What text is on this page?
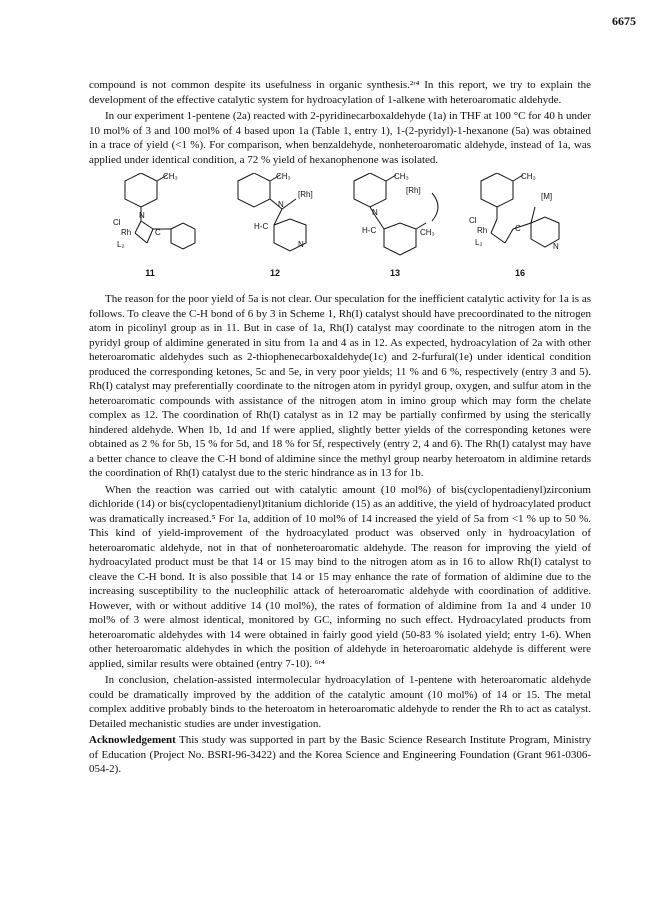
6675

compound is not common despite its usefulness in organic synthesis.²ʳ⁴ In this report, we try to explain the development of the effective catalytic system for hydroacylation of 1-alkene with heteroaromatic aldehyde.

In our experiment 1-pentene (2a) reacted with 2-pyridinecarboxaldehyde (1a) in THF at 100 °C for 40 h under 10 mol% of 3 and 100 mol% of 4 based upon 1a (Table 1, entry 1), 1-(2-pyridyl)-1-hexanone (5a) was obtained in a trace of yield (<1 %). For comparison, when benzaldehyde, nonheteroaromatic aldehyde, instead of 1a, was applied under identical condition, a 72 % yield of hexanophenone was isolated.

CH₃
N
Cl
Rh
L₂
C
11
CH₃
[Rh]
N
H-C
N
12
CH₃
[Rh]
N
H-C	CH₃
13
CH₃
[M]
Cl
Rh
L₂
C
N
16

The reason for the poor yield of 5a is not clear. Our speculation for the inefficient catalytic activity for 1a is as follows. To cleave the C-H bond of 6 by 3 in Scheme 1, Rh(I) catalyst should have precoordinated to the nitrogen atom in picolinyl group as in 11. But in case of 1a, Rh(I) catalyst may coordinate to the nitrogen atom in the pyridyl group of aldimine generated in situ from 1a and 4 as in 12. As expected, hydroacylation of 2a with other heteroaromatic aldehydes such as 2-thiophenecarboxaldehyde(1c) and 2-furfural(1e) under identical condition produced the corresponding ketones, 5c and 5e, in very poor yields; 11 % and 6 %, respectively (entry 3 and 5). Rh(I) catalyst may preferentially coordinate to the nitrogen atom in pyridyl group, oxygen, and sulfur atom in the heteroaromatic compounds with assistance of the nitrogen atom in imino group which may form the chelate complex as 12. The coordination of Rh(I) catalyst as in 12 may be partially confirmed by using the sterically hindered aldehyde. When 1b, 1d and 1f were applied, slightly better yields of the corresponding ketones were obtained as 2 % for 5b, 15 % for 5d, and 18 % for 5f, respectively (entry 2, 4 and 6). The Rh(I) catalyst may have a better chance to cleave the C-H bond of aldimine since the methyl group nearby heteroatom in aldimine retards the coordination of Rh(I) catalyst due to the steric hindrance as in 13 for 1b.

When the reaction was carried out with catalytic amount (10 mol%) of bis(cyclopentadienyl)zirconium dichloride (14) or bis(cyclopentadienyl)titanium dichloride (15) as an additive, the yield of hydroacylated product was dramatically increased.⁵ For 1a, addition of 10 mol% of 14 increased the yield of 5a from <1 % up to 50 %. This kind of yield-improvement of the hydroacylated product was observed only in hydroacylation of heteroaromatic aldehyde, not in that of nonheteroaromatic aldehyde. The reason for improving the yield of hydroacylated product must be that 14 or 15 may bind to the nitrogen atom as in 16 to allow Rh(I) catalyst to cleave the C-H bond. It is also possible that 14 or 15 may enhance the rate of formation of aldimine due to the increasing susceptibility to the nucleophilic attack of heteroaromatic aldehyde with coordination of additive. However, with or without additive 14 (10 mol%), the rates of formation of aldimine from 1a and 4 under 10 mol% of 3 were almost identical, monitored by GC, informing no such effect. Hydroacylated products from heteroaromatic aldehydes with 14 were obtained in fairly good yield (50-83 % isolated yield; entry 1-6). When other heteroaromatic aldehydes in which the position of aldehyde in heteroaromatic aldehyde is different were applied, similar results were obtained (entry 7-10). ⁶ʳ⁴

In conclusion, chelation-assisted intermolecular hydroacylation of 1-pentene with heteroaromatic aldehyde could be dramatically improved by the addition of the catalytic amount (10 mol%) of 14 or 15. The metal complex additive probably binds to the heteroatom in heteroaromatic aldehyde to render the Rh to act as catalyst. Detailed mechanistic studies are under investigation.

Acknowledgement This study was supported in part by the Basic Science Research Institute Program, Ministry of Education (Project No. BSRI-96-3422) and the Korea Science and Engineering Foundation (Grant 961-0306-054-2).
